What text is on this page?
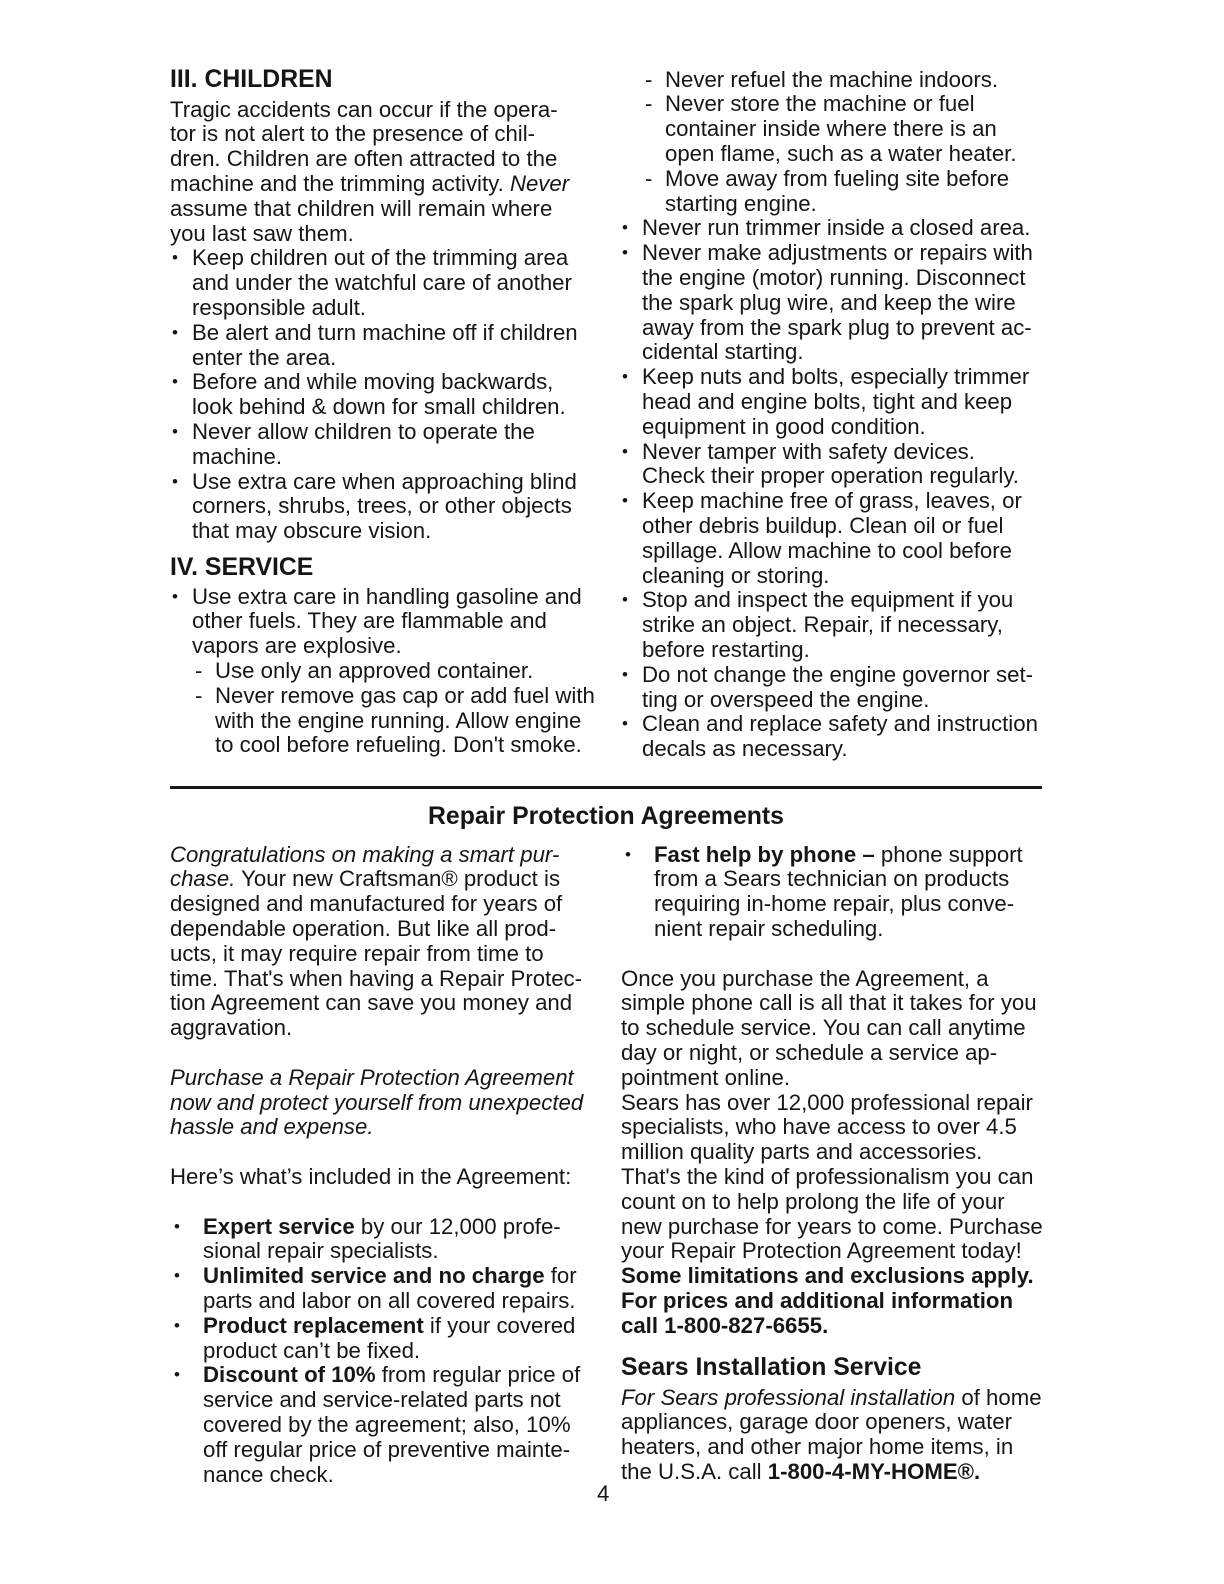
III. CHILDREN
Tragic accidents can occur if the opera-
tor is not alert to the presence of chil-
dren. Children are often attracted to the
machine and the trimming activity. Never
assume that children will remain where
you last saw them.
• Keep children out of the trimming area
and under the watchful care of another
responsible adult.
• Be alert and turn machine off if children
enter the area.
• Before and while moving backwards,
look behind & down for small children.
• Never allow children to operate the
machine.
• Use extra care when approaching blind
corners, shrubs, trees, or other objects
that may obscure vision.
IV. SERVICE
• Use extra care in handling gasoline and
other fuels. They are flammable and
vapors are explosive.
- Use only an approved container.
- Never remove gas cap or add fuel with
with the engine running. Allow engine
to cool before refueling. Don't smoke.
- Never refuel the machine indoors.
- Never store the machine or fuel
container inside where there is an
open flame, such as a water heater.
- Move away from fueling site before
starting engine.
• Never run trimmer inside a closed area.
• Never make adjustments or repairs with
the engine (motor) running. Disconnect
the spark plug wire, and keep the wire
away from the spark plug to prevent ac-
cidental starting.
• Keep nuts and bolts, especially trimmer
head and engine bolts, tight and keep
equipment in good condition.
• Never tamper with safety devices.
Check their proper operation regularly.
• Keep machine free of grass, leaves, or
other debris buildup. Clean oil or fuel
spillage. Allow machine to cool before
cleaning or storing.
• Stop and inspect the equipment if you
strike an object. Repair, if necessary,
before restarting.
• Do not change the engine governor set-
ting or overspeed the engine.
• Clean and replace safety and instruction
decals as necessary.
Repair Protection Agreements
Congratulations on making a smart pur-
chase. Your new Craftsman® product is
designed and manufactured for years of
dependable operation. But like all prod-
ucts, it may require repair from time to
time. That's when having a Repair Protec-
tion Agreement can save you money and
aggravation.
Purchase a Repair Protection Agreement
now and protect yourself from unexpected
hassle and expense.
Here’s what’s included in the Agreement:
• Expert service by our 12,000 profe-
sional repair specialists.
• Unlimited service and no charge for
parts and labor on all covered repairs.
• Product replacement if your covered
product can’t be fixed.
• Discount of 10% from regular price of
service and service-related parts not
covered by the agreement; also, 10%
off regular price of preventive mainte-
nance check.
• Fast help by phone – phone support
from a Sears technician on products
requiring in-home repair, plus conve-
nient repair scheduling.
Once you purchase the Agreement, a
simple phone call is all that it takes for you
to schedule service. You can call anytime
day or night, or schedule a service ap-
pointment online.
Sears has over 12,000 professional repair
specialists, who have access to over 4.5
million quality parts and accessories.
That's the kind of professionalism you can
count on to help prolong the life of your
new purchase for years to come. Purchase
your Repair Protection Agreement today!
Some limitations and exclusions apply.
For prices and additional information
call 1-800-827-6655.
Sears Installation Service
For Sears professional installation of home
appliances, garage door openers, water
heaters, and other major home items, in
the U.S.A. call 1-800-4-MY-HOME®.
4
